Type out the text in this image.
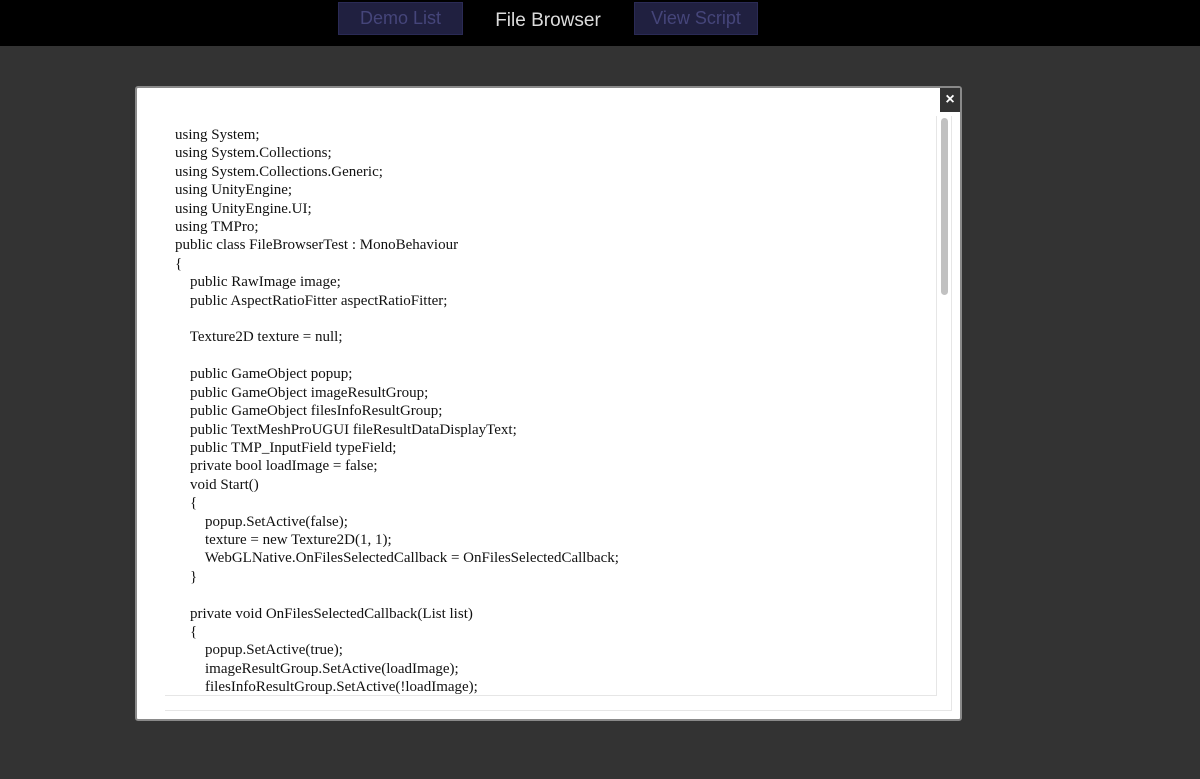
Demo List	File Browser	View Script
×
using System;
using System.Collections;
using System.Collections.Generic;
using UnityEngine;
using UnityEngine.UI;
using TMPro;
public class FileBrowserTest : MonoBehaviour
{
public RawImage image;
public AspectRatioFitter aspectRatioFitter;

Texture2D texture = null;

public GameObject popup;
public GameObject imageResultGroup;
public GameObject filesInfoResultGroup;
public TextMeshProUGUI fileResultDataDisplayText;
public TMP_InputField typeField;
private bool loadImage = false;
void Start()
{
popup.SetActive(false);
texture = new Texture2D(1, 1);
WebGLNative.OnFilesSelectedCallback = OnFilesSelectedCallback;
}

private void OnFilesSelectedCallback(List list)
{
popup.SetActive(true);
imageResultGroup.SetActive(loadImage);
filesInfoResultGroup.SetActive(!loadImage);
